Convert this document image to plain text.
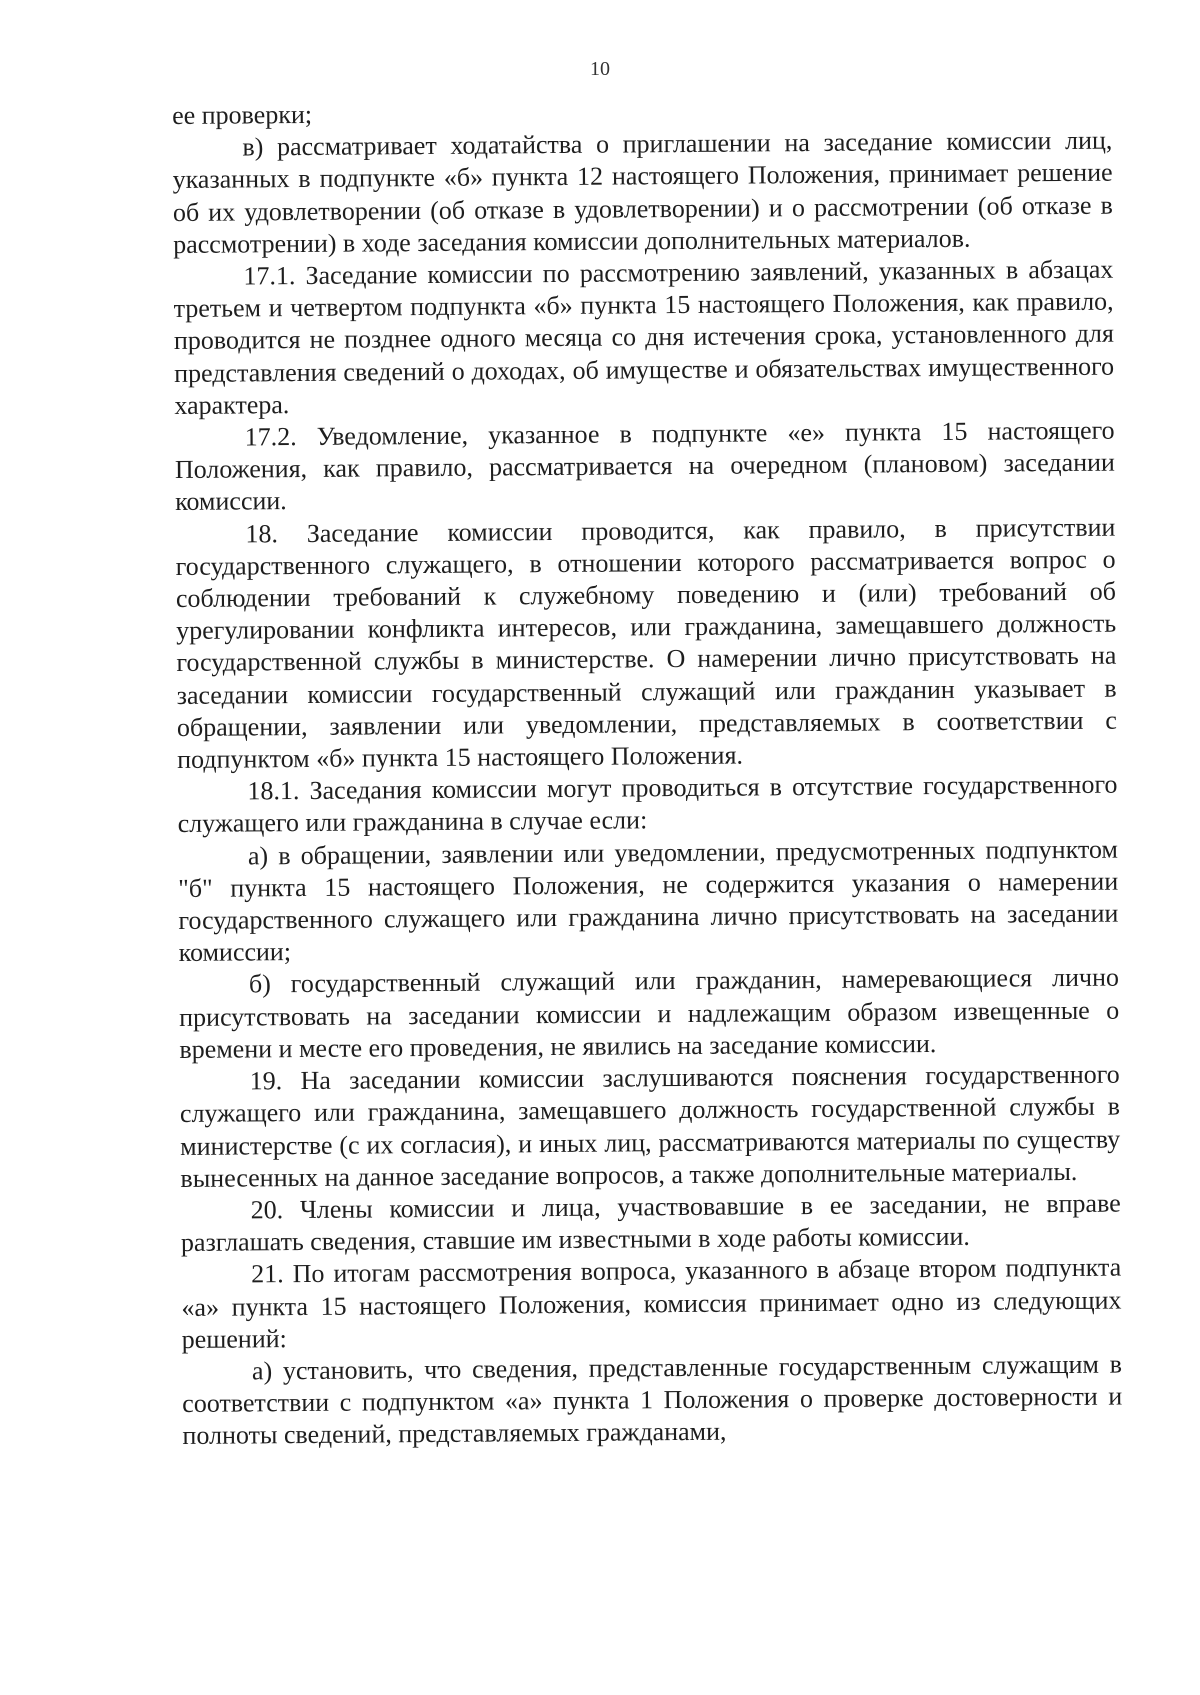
10

ее проверки;

в) рассматривает ходатайства о приглашении на заседание комиссии лиц, указанных в подпункте «б» пункта 12 настоящего Положения, принимает решение об их удовлетворении (об отказе в удовлетворении) и о рассмотрении (об отказе в рассмотрении) в ходе заседания комиссии дополнительных материалов.

17.1. Заседание комиссии по рассмотрению заявлений, указанных в абзацах третьем и четвертом подпункта «б» пункта 15 настоящего Положения, как правило, проводится не позднее одного месяца со дня истечения срока, установленного для представления сведений о доходах, об имуществе и обязательствах имущественного характера.

17.2. Уведомление, указанное в подпункте «е» пункта 15 настоящего Положения, как правило, рассматривается на очередном (плановом) заседании комиссии.

18. Заседание комиссии проводится, как правило, в присутствии государственного служащего, в отношении которого рассматривается вопрос о соблюдении требований к служебному поведению и (или) требований об урегулировании конфликта интересов, или гражданина, замещавшего должность государственной службы в министерстве. О намерении лично присутствовать на заседании комиссии государственный служащий или гражданин указывает в обращении, заявлении или уведомлении, представляемых в соответствии с подпунктом «б» пункта 15 настоящего Положения.

18.1. Заседания комиссии могут проводиться в отсутствие государственного служащего или гражданина в случае если:

а) в обращении, заявлении или уведомлении, предусмотренных подпунктом "б" пункта 15 настоящего Положения, не содержится указания о намерении государственного служащего или гражданина лично присутствовать на заседании комиссии;

б) государственный служащий или гражданин, намеревающиеся лично присутствовать на заседании комиссии и надлежащим образом извещенные о времени и месте его проведения, не явились на заседание комиссии.

19. На заседании комиссии заслушиваются пояснения государственного служащего или гражданина, замещавшего должность государственной службы в министерстве (с их согласия), и иных лиц, рассматриваются материалы по существу вынесенных на данное заседание вопросов, а также дополнительные материалы.

20. Члены комиссии и лица, участвовавшие в ее заседании, не вправе разглашать сведения, ставшие им известными в ходе работы комиссии.

21. По итогам рассмотрения вопроса, указанного в абзаце втором подпункта «а» пункта 15 настоящего Положения, комиссия принимает одно из следующих решений:

а) установить, что сведения, представленные государственным служащим в соответствии с подпунктом «а» пункта 1 Положения о проверке достоверности и полноты сведений, представляемых гражданами,
